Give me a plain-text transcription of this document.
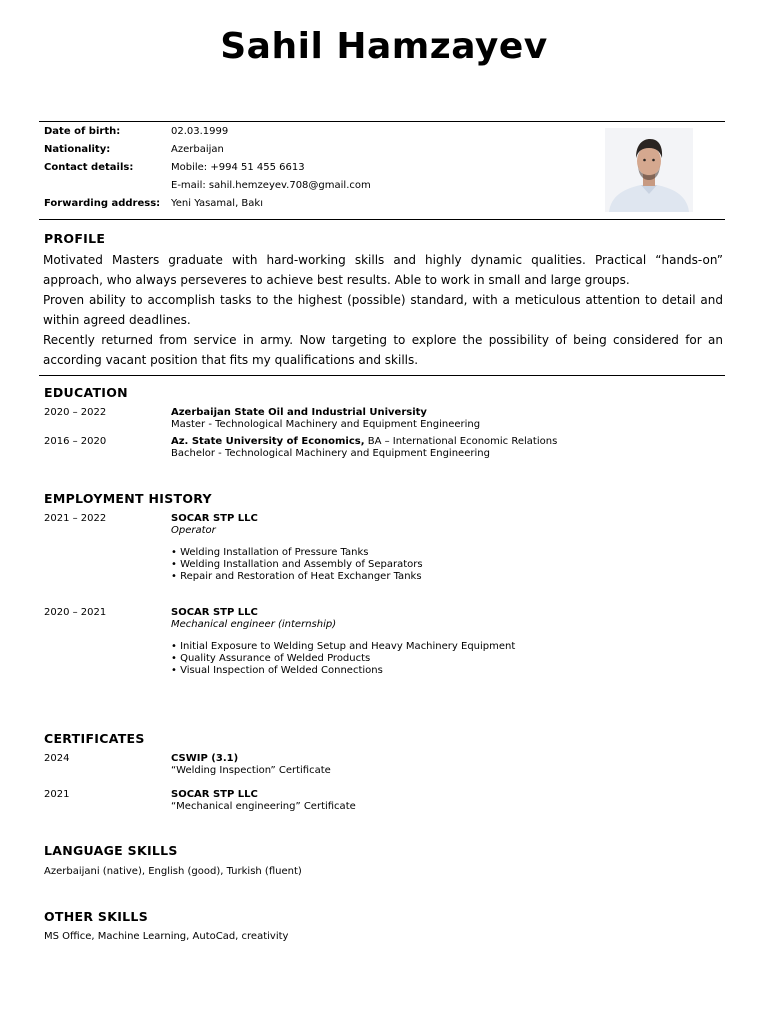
Sahil Hamzayev
Date of birth:	02.03.1999
Nationality:	Azerbaijan
Contact details:	Mobile: +994 51 455 6613
E-mail: sahil.hemzeyev.708@gmail.com
Forwarding address: Yeni Yasamal, Bakı
PROFILE

Motivated Masters graduate with hard-working skills and highly dynamic qualities. Practical “hands-on” approach, who always perseveres to achieve best results. Able to work in small and large groups.

Proven ability to accomplish tasks to the highest (possible) standard, with a meticulous attention to detail and within agreed deadlines.

Recently returned from service in army. Now targeting to explore the possibility of being considered for an according vacant position that fits my qualifications and skills.

EDUCATION
2020 – 2022	Azerbaijan State Oil and Industrial University
Master - Technological Machinery and Equipment Engineering
2016 – 2020	Az. State University of Economics, BA – International Economic Relations
Bachelor - Technological Machinery and Equipment Engineering
EMPLOYMENT HISTORY
2021 – 2022	SOCAR STP LLC
Operator
• Welding Installation of Pressure Tanks
• Welding Installation and Assembly of Separators
• Repair and Restoration of Heat Exchanger Tanks
2020 – 2021	SOCAR STP LLC
Mechanical engineer (internship)
• Initial Exposure to Welding Setup and Heavy Machinery Equipment
• Quality Assurance of Welded Products
• Visual Inspection of Welded Connections
CERTIFICATES
2024	CSWIP (3.1)
“Welding Inspection” Certificate
2021	SOCAR STP LLC
“Mechanical engineering” Certificate
LANGUAGE SKILLS
Azerbaijani (native), English (good), Turkish (fluent)
OTHER SKILLS
MS Office, Machine Learning, AutoCad, creativity
